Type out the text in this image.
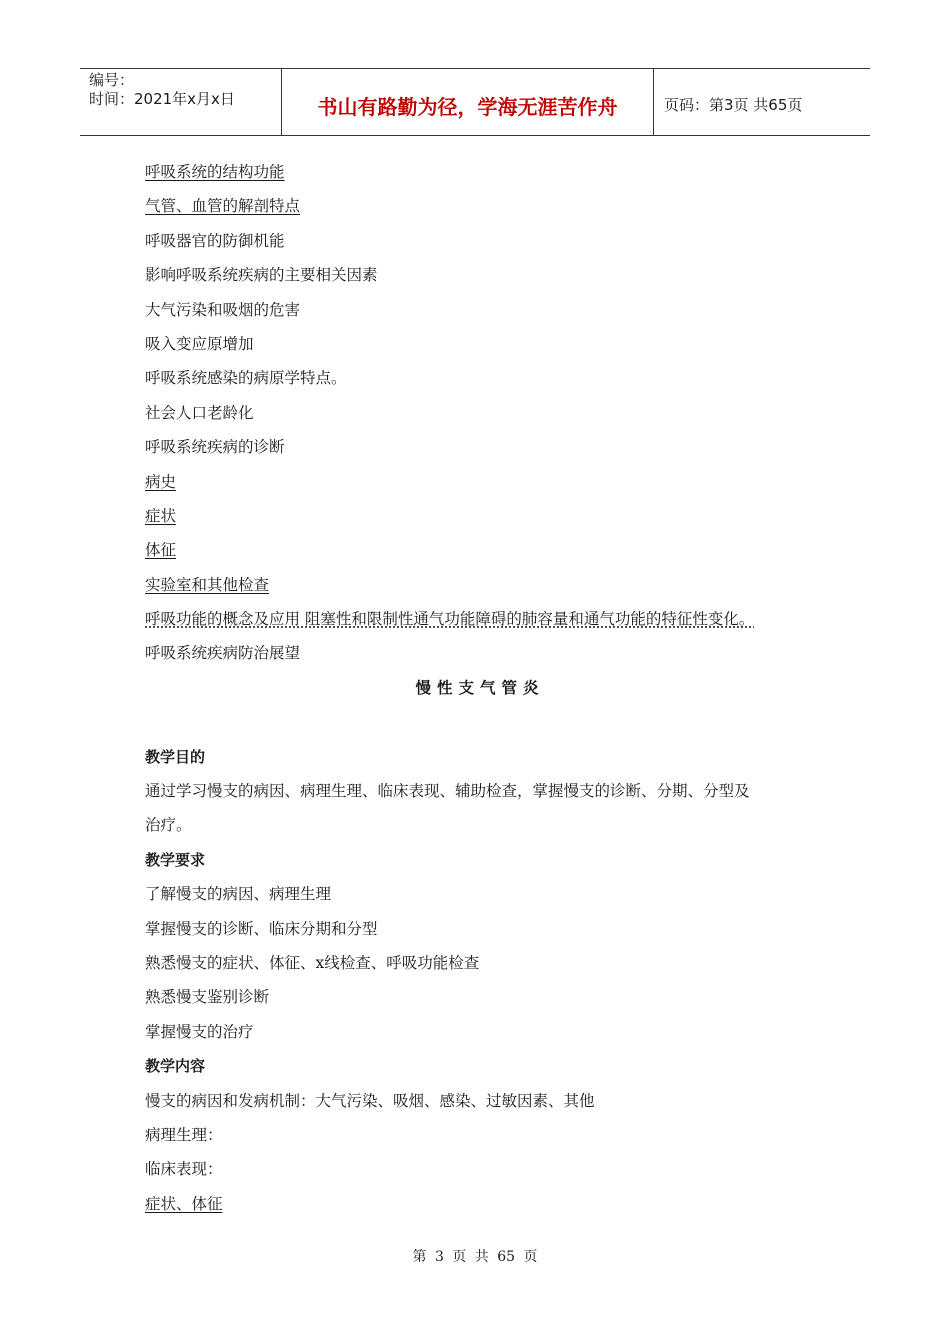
编号：
时间：2021年x月x日	书山有路勤为径，学海无涯苦作舟	页码：第3页 共65页
呼吸系统的结构功能
气管、血管的解剖特点
呼吸器官的防御机能
影响呼吸系统疾病的主要相关因素
大气污染和吸烟的危害
吸入变应原增加
呼吸系统感染的病原学特点。
社会人口老龄化
呼吸系统疾病的诊断
病史
症状
体征
实验室和其他检查
呼吸功能的概念及应用 阻塞性和限制性通气功能障碍的肺容量和通气功能的特征性变化。
呼吸系统疾病防治展望
慢性支气管炎
教学目的
通过学习慢支的病因、病理生理、临床表现、辅助检查，掌握慢支的诊断、分期、分型及
治疗。
教学要求
了解慢支的病因、病理生理
掌握慢支的诊断、临床分期和分型
熟悉慢支的症状、体征、x线检查、呼吸功能检查
熟悉慢支鉴别诊断
掌握慢支的治疗
教学内容
慢支的病因和发病机制：大气污染、吸烟、感染、过敏因素、其他
病理生理：
临床表现：
症状、体征
第 3 页 共 65 页
